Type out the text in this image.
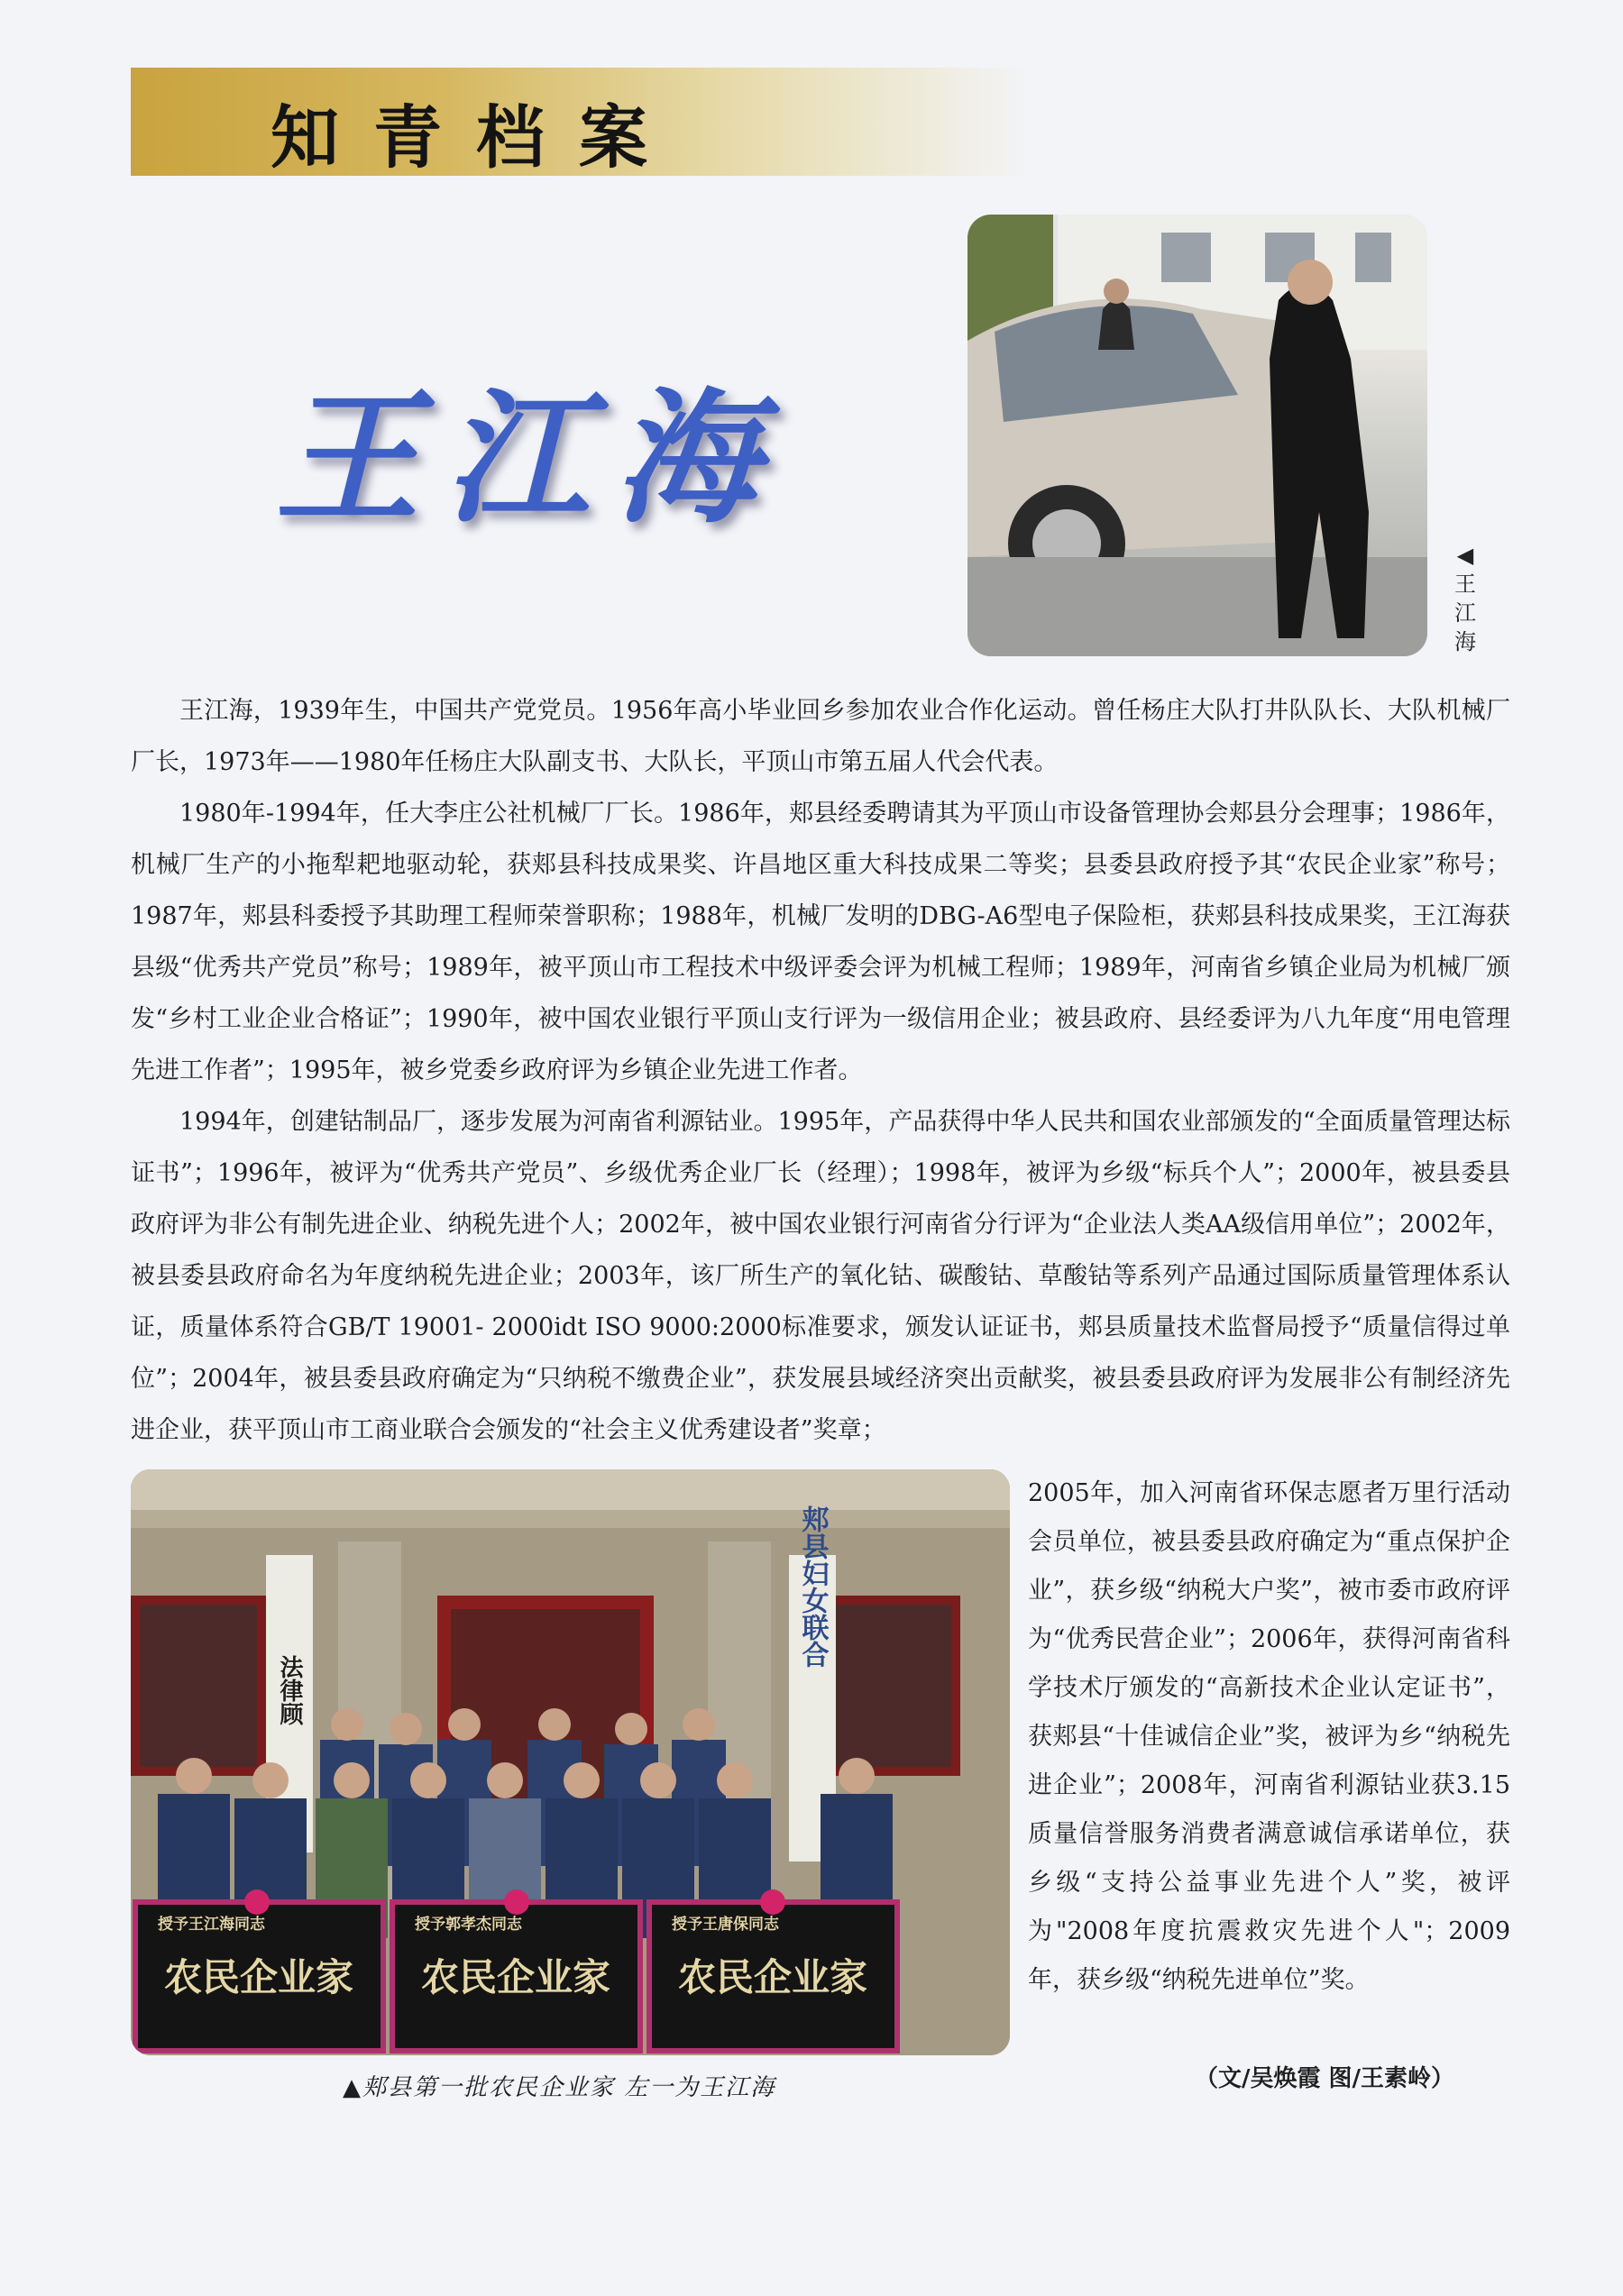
知青档案
王江海
◀王江海

王江海，1939年生，中国共产党党员。1956年高小毕业回乡参加农业合作化运动。曾任杨庄大队打井队队长、大队机械厂厂长，1973年——1980年任杨庄大队副支书、大队长，平顶山市第五届人代会代表。

1980年-1994年，任大李庄公社机械厂厂长。1986年，郏县经委聘请其为平顶山市设备管理协会郏县分会理事；1986年，机械厂生产的小拖犁耙地驱动轮，获郏县科技成果奖、许昌地区重大科技成果二等奖；县委县政府授予其“农民企业家”称号；1987年，郏县科委授予其助理工程师荣誉职称；1988年，机械厂发明的DBG-A6型电子保险柜，获郏县科技成果奖，王江海获县级“优秀共产党员”称号；1989年，被平顶山市工程技术中级评委会评为机械工程师；1989年，河南省乡镇企业局为机械厂颁发“乡村工业企业合格证”；1990年，被中国农业银行平顶山支行评为一级信用企业；被县政府、县经委评为八九年度“用电管理先进工作者”；1995年，被乡党委乡政府评为乡镇企业先进工作者。

1994年，创建钴制品厂，逐步发展为河南省利源钴业。1995年，产品获得中华人民共和国农业部颁发的“全面质量管理达标证书”；1996年，被评为“优秀共产党员”、乡级优秀企业厂长（经理）；1998年，被评为乡级“标兵个人”；2000年，被县委县政府评为非公有制先进企业、纳税先进个人；2002年，被中国农业银行河南省分行评为“企业法人类AA级信用单位”；2002年，被县委县政府命名为年度纳税先进企业；2003年，该厂所生产的氧化钴、碳酸钴、草酸钴等系列产品通过国际质量管理体系认证，质量体系符合GB/T 19001- 2000idt ISO 9000:2000标准要求，颁发认证证书，郏县质量技术监督局授予“质量信得过单位”；2004年，被县委县政府确定为“只纳税不缴费企业”，获发展县域经济突出贡献奖，被县委县政府评为发展非公有制经济先进企业，获平顶山市工商业联合会颁发的“社会主义优秀建设者”奖章；

法律顾
郏县妇女联合
授予王江海同志	授予郭孝杰同志	授予王唐保同志
农民企业家 农民企业家 农民企业家
▲郏县第一批农民企业家 左一为王江海
2005年，加入河南省环保志愿者万里行活动会员单位，被县委县政府确定为“重点保护企业”，获乡级“纳税大户奖”，被市委市政府评为“优秀民营企业”；2006年，获得河南省科学技术厅颁发的“高新技术企业认定证书”，获郏县“十佳诚信企业”奖，被评为乡“纳税先进企业”；2008年，河南省利源钴业获3.15质量信誉服务消费者满意诚信承诺单位，获乡级“支持公益事业先进个人”奖，被评为"2008年度抗震救灾先进个人"；2009年，获乡级“纳税先进单位”奖。
（文/吴焕霞 图/王素岭）
